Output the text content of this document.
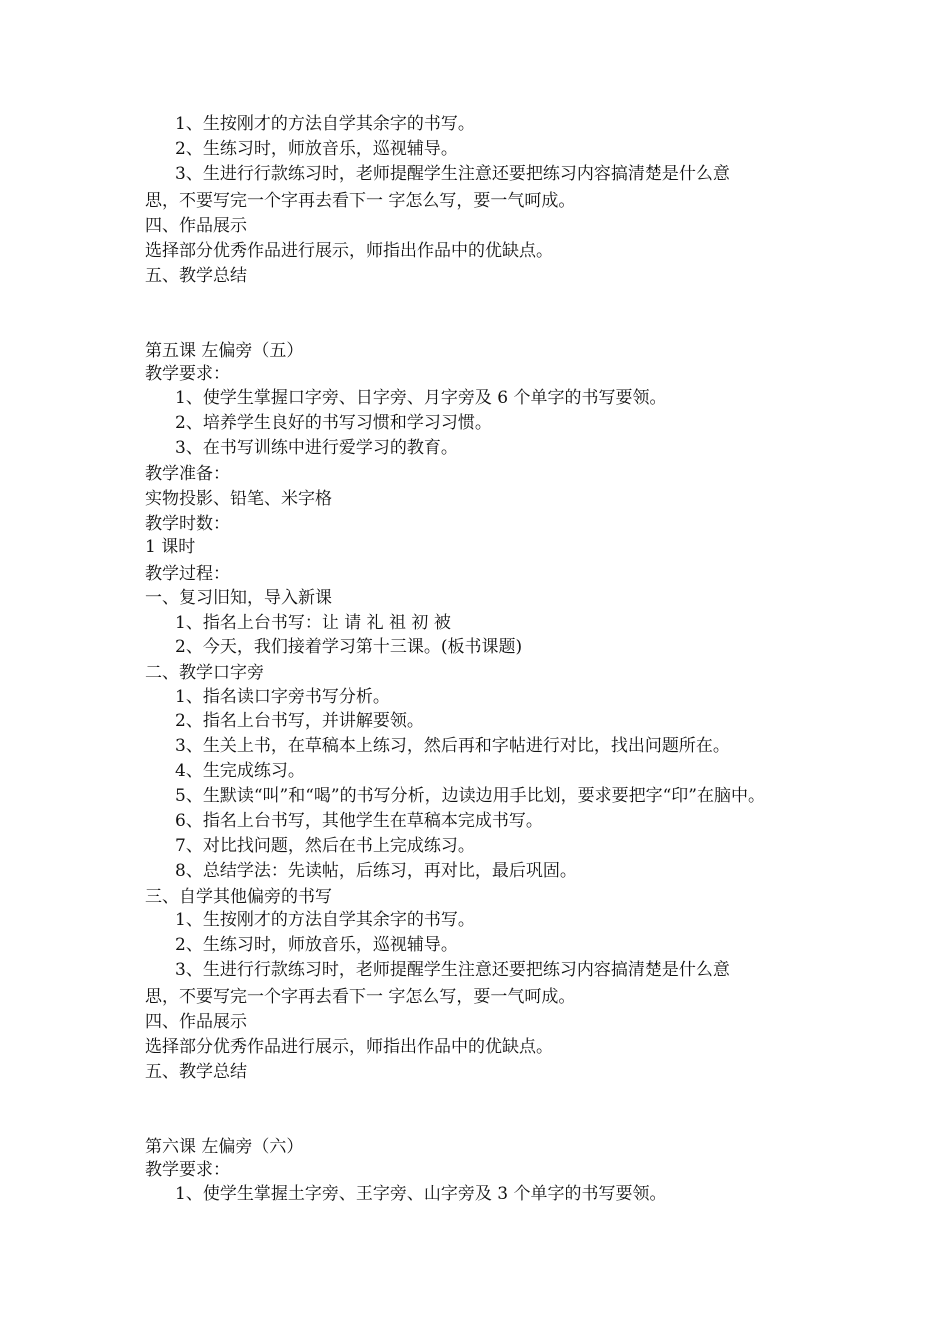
1、生按刚才的方法自学其余字的书写。
2、生练习时，师放音乐，巡视辅导。
3、生进行行款练习时，老师提醒学生注意还要把练习内容搞清楚是什么意
思，不要写完一个字再去看下一 字怎么写，要一气呵成。
四、作品展示
选择部分优秀作品进行展示，师指出作品中的优缺点。
五、教学总结
第五课 左偏旁（五）
教学要求：
1、使学生掌握口字旁、日字旁、月字旁及 6 个单字的书写要领。
2、培养学生良好的书写习惯和学习习惯。
3、在书写训练中进行爱学习的教育。
教学准备：
实物投影、铅笔、米字格
教学时数：
1 课时
教学过程：
一、复习旧知，导入新课
1、指名上台书写：让 请 礼 祖 初 被
2、今天，我们接着学习第十三课。(板书课题)
二、教学口字旁
1、指名读口字旁书写分析。
2、指名上台书写，并讲解要领。
3、生关上书，在草稿本上练习，然后再和字帖进行对比，找出问题所在。
4、生完成练习。
5、生默读“叫”和“喝”的书写分析，边读边用手比划，要求要把字“印”在脑中。
6、指名上台书写，其他学生在草稿本完成书写。
7、对比找问题，然后在书上完成练习。
8、总结学法：先读帖，后练习，再对比，最后巩固。
三、自学其他偏旁的书写
1、生按刚才的方法自学其余字的书写。
2、生练习时，师放音乐，巡视辅导。
3、生进行行款练习时，老师提醒学生注意还要把练习内容搞清楚是什么意
思，不要写完一个字再去看下一 字怎么写，要一气呵成。
四、作品展示
选择部分优秀作品进行展示，师指出作品中的优缺点。
五、教学总结
第六课 左偏旁（六）
教学要求：
1、使学生掌握土字旁、王字旁、山字旁及 3 个单字的书写要领。
